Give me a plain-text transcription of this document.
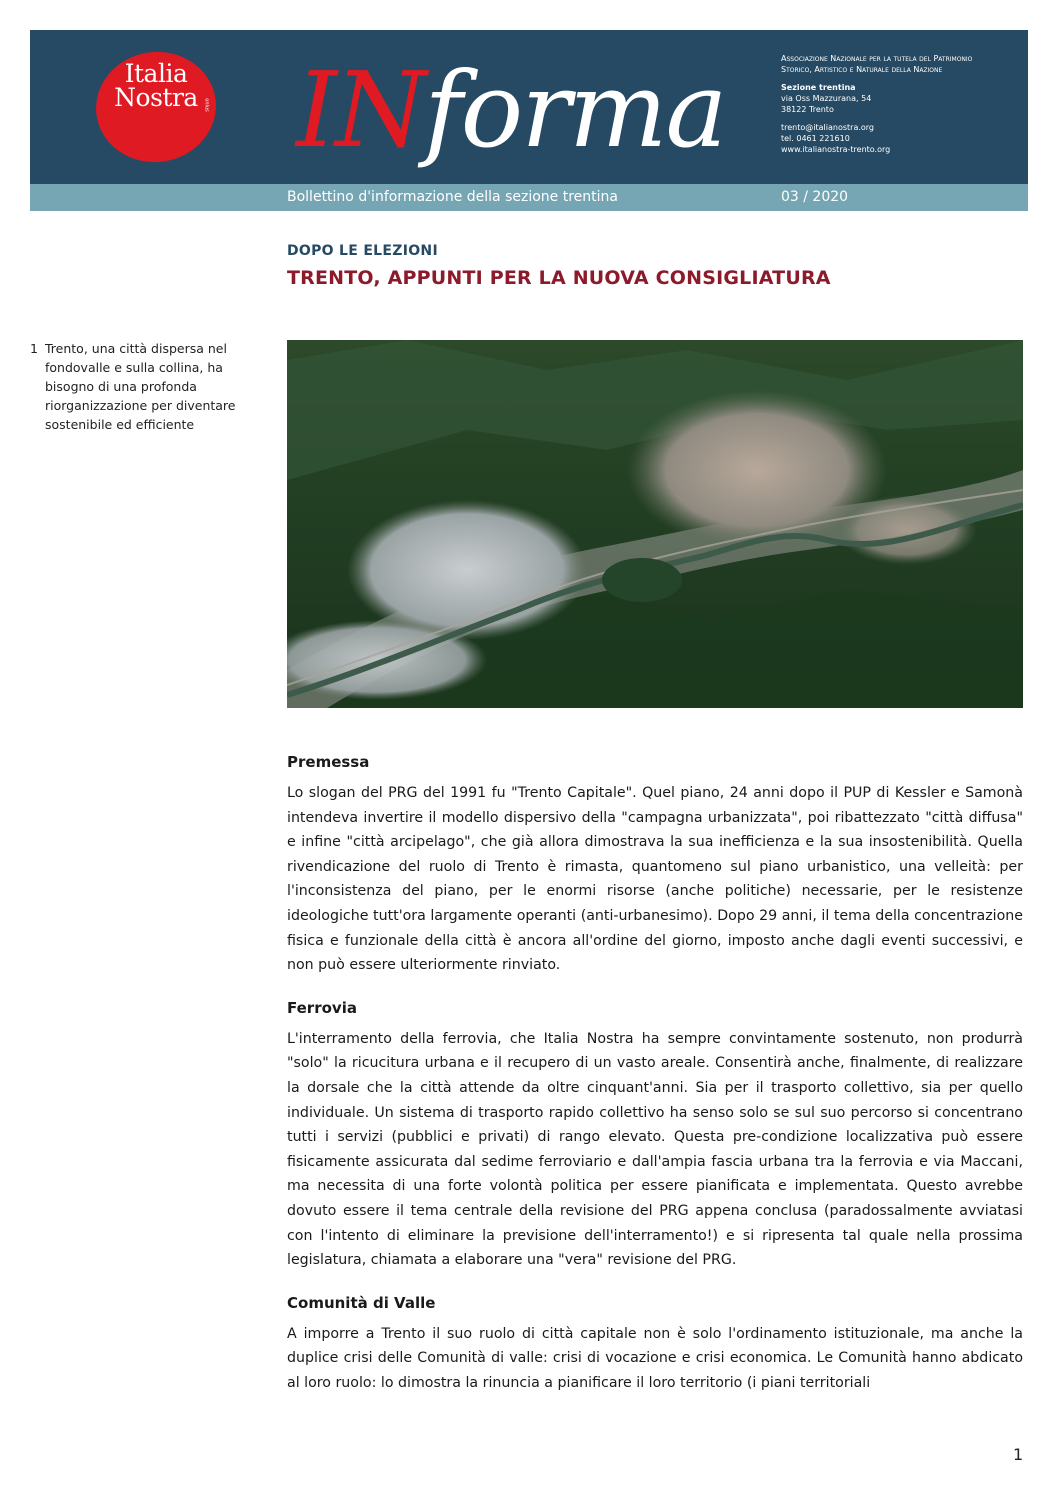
Italia
Nostra	onlus INforma	Associazione Nazionale per la tutela del Patrimonio
Storico, Artistico e Naturale della Nazione
Sezione trentina
via Oss Mazzurana, 54
38122 Trento
trento@italianostra.org
tel. 0461 221610
www.italianostra-trento.org
Bollettino d'informazione della sezione trentina	03 / 2020
DOPO LE ELEZIONI
TRENTO, APPUNTI PER LA NUOVA CONSIGLIATURA
1 Trento, una città dispersa nel fondovalle e sulla collina, ha bisogno di una profonda riorganizzazione per diventare sostenibile ed efficiente
Premessa

Lo slogan del PRG del 1991 fu "Trento Capitale". Quel piano, 24 anni dopo il PUP di Kessler e Samonà intendeva invertire il modello dispersivo della "campagna urbanizzata", poi ribattezzato "città diffusa" e infine "città arcipelago", che già allora dimostrava la sua inefficienza e la sua insostenibilità. Quella rivendicazione del ruolo di Trento è rimasta, quantomeno sul piano urbanistico, una velleità: per l'inconsistenza del piano, per le enormi risorse (anche politiche) necessarie, per le resistenze ideologiche tutt'ora largamente operanti (anti-urbanesimo). Dopo 29 anni, il tema della concentrazione fisica e funzionale della città è ancora all'ordine del giorno, imposto anche dagli eventi successivi, e non può essere ulteriormente rinviato.

Ferrovia

L'interramento della ferrovia, che Italia Nostra ha sempre convintamente sostenuto, non produrrà "solo" la ricucitura urbana e il recupero di un vasto areale. Consentirà anche, finalmente, di realizzare la dorsale che la città attende da oltre cinquant'anni. Sia per il trasporto collettivo, sia per quello individuale. Un sistema di trasporto rapido collettivo ha senso solo se sul suo percorso si concentrano tutti i servizi (pubblici e privati) di rango elevato. Questa pre-condizione localizzativa può essere fisicamente assicurata dal sedime ferroviario e dall'ampia fascia urbana tra la ferrovia e via Maccani, ma necessita di una forte volontà politica per essere pianificata e implementata. Questo avrebbe dovuto essere il tema centrale della revisione del PRG appena conclusa (paradossalmente avviatasi con l'intento di eliminare la previsione dell'interramento!) e si ripresenta tal quale nella prossima legislatura, chiamata a elaborare una "vera" revisione del PRG.

Comunità di Valle

A imporre a Trento il suo ruolo di città capitale non è solo l'ordinamento istituzionale, ma anche la duplice crisi delle Comunità di valle: crisi di vocazione e crisi economica. Le Comunità hanno abdicato al loro ruolo: lo dimostra la rinuncia a pianificare il loro territorio (i piani territoriali

1
